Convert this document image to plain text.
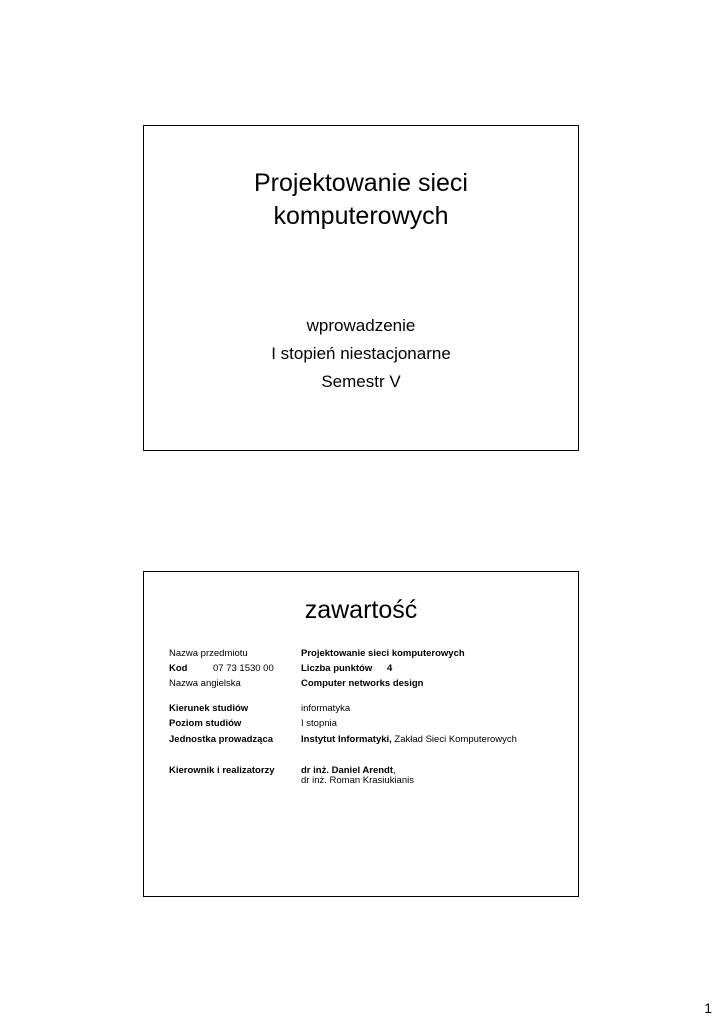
Projektowanie sieci
komputerowych
wprowadzenie
I stopień niestacjonarne
Semestr V
zawartość
Nazwa przedmiotu	Projektowanie sieci komputerowych
Kod	07 73 1530 00	Liczba punktów 4
Nazwa angielska	Computer networks design
Kierunek studiów	informatyka
Poziom studiów	I stopnia
Jednostka prowadząca	Instytut Informatyki, Zakład Sieci Komputerowych
Kierownik i realizatorzy	dr inż. Daniel Arendt,
dr inż. Roman Krasiukianis
1
